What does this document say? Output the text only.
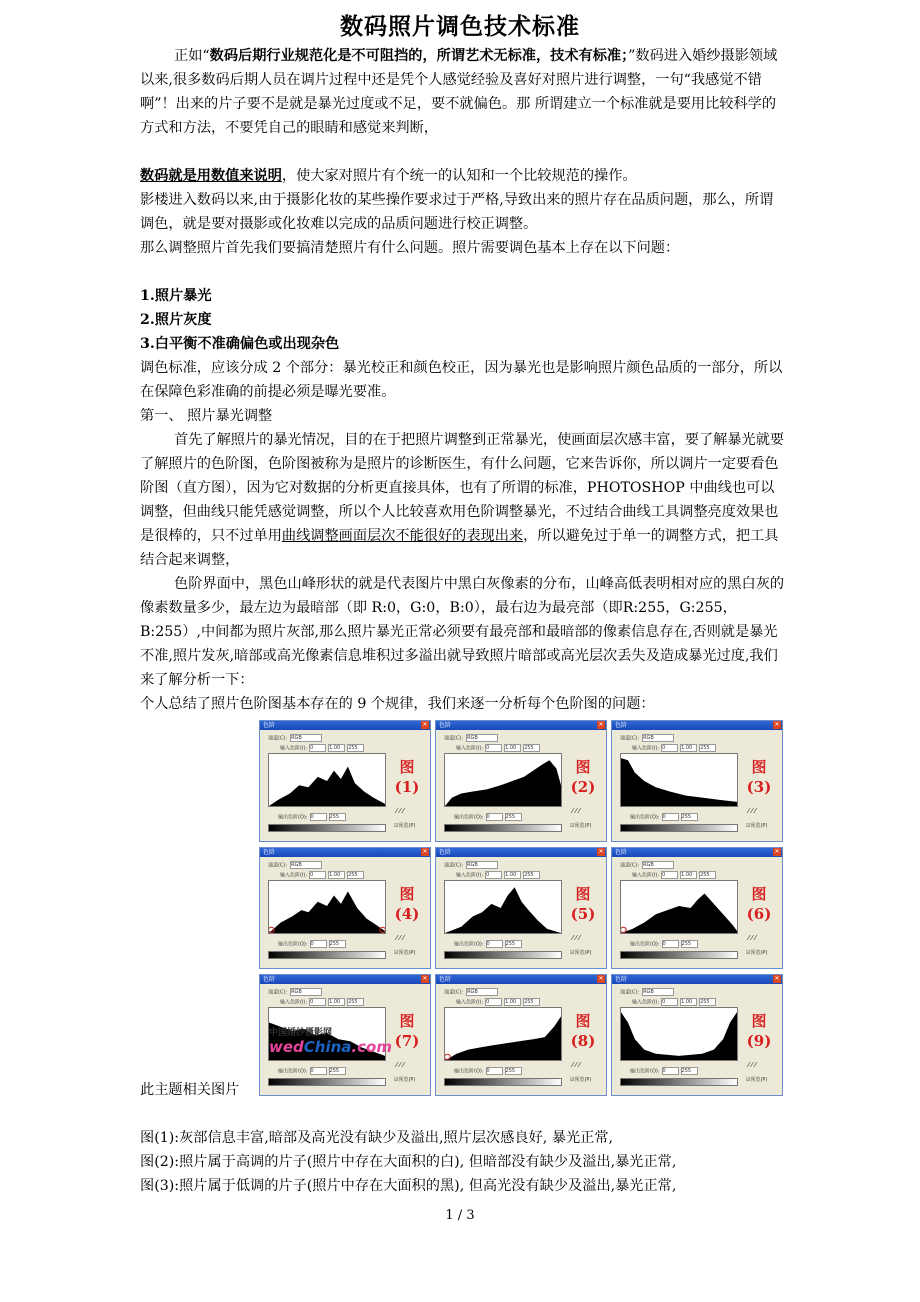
数码照片调色技术标准

正如“数码后期行业规范化是不可阻挡的，所谓艺术无标准，技术有标准；”数码进入婚纱摄影领域以来,很多数码后期人员在调片过程中还是凭个人感觉经验及喜好对照片进行调整，一句“我感觉不错啊”！出来的片子要不是就是暴光过度或不足，要不就偏色。那 所谓建立一个标准就是要用比较科学的方式和方法，不要凭自己的眼睛和感觉来判断，

数码就是用数值来说明，使大家对照片有个统一的认知和一个比较规范的操作。

影楼进入数码以来,由于摄影化妆的某些操作要求过于严格,导致出来的照片存在品质问题，那么，所谓调色，就是要对摄影或化妆难以完成的品质问题进行校正调整。

那么调整照片首先我们要搞清楚照片有什么问题。照片需要调色基本上存在以下问题：

1.照片暴光

2.照片灰度

3.白平衡不准确偏色或出现杂色

调色标准，应该分成 2 个部分：暴光校正和颜色校正，因为暴光也是影响照片颜色品质的一部分，所以在保障色彩准确的前提必须是曝光要准。

第一、 照片暴光调整

首先了解照片的暴光情况，目的在于把照片调整到正常暴光，使画面层次感丰富，要了解暴光就要了解照片的色阶图，色阶图被称为是照片的诊断医生，有什么问题，它来告诉你，所以调片一定要看色阶图（直方图），因为它对数据的分析更直接具体，也有了所谓的标准，PHOTOSHOP 中曲线也可以调整，但曲线只能凭感觉调整，所以个人比较喜欢用色阶调整暴光，不过结合曲线工具调整亮度效果也是很棒的，只不过单用曲线调整画面层次不能很好的表现出来，所以避免过于单一的调整方式，把工具结合起来调整，

色阶界面中，黑色山峰形状的就是代表图片中黑白灰像素的分布，山峰高低表明相对应的黑白灰的像素数量多少，最左边为最暗部（即 R:0，G:0，B:0），最右边为最亮部（即R:255，G:255，B:255）,中间都为照片灰部,那么照片暴光正常必须要有最亮部和最暗部的像素信息存在,否则就是暴光不准,照片发灰,暗部或高光像素信息堆积过多溢出就导致照片暗部或高光层次丢失及造成暴光过度,我们来了解分析一下：

个人总结了照片色阶图基本存在的 9 个规律，我们来逐一分析每个色阶图的问题：

色阶	✕
通道(C): RGB
输入色阶(I): 0	1.00 255
图
(1)
⁄ ⁄ ⁄
输出色阶(O): 0	255
☑预览(P)
色阶	✕
通道(C): RGB
输入色阶(I): 0	1.00 255
图
(2)
⁄ ⁄ ⁄
输出色阶(O): 0	255
☑预览(P)
色阶	✕
通道(C): RGB
输入色阶(I): 0	1.00 255
图
(3)
⁄ ⁄ ⁄
输出色阶(O): 0	255
☑预览(P)
色阶	✕
通道(C): RGB
输入色阶(I): 0	1.00 255
图
(4)
⁄ ⁄ ⁄
输出色阶(O): 0	255
☑预览(P)
色阶	✕
通道(C): RGB
输入色阶(I): 0	1.00 255
图
(5)
⁄ ⁄ ⁄
输出色阶(O): 0	255
☑预览(P)
色阶	✕
通道(C): RGB
输入色阶(I): 0	1.00 255
图
(6)
⁄ ⁄ ⁄
输出色阶(O): 0	255
☑预览(P)
色阶	✕
通道(C): RGB
输入色阶(I): 0	1.00 255
图
(7)
⁄ ⁄ ⁄
输出色阶(O): 0	255
☑预览(P)
色阶	✕
通道(C): RGB
输入色阶(I): 0	1.00 255
图
(8)
⁄ ⁄ ⁄
输出色阶(O): 0	255
☑预览(P)
色阶	✕
通道(C): RGB
输入色阶(I): 0	1.00 255
图
(9)
⁄ ⁄ ⁄
输出色阶(O): 0	255
☑预览(P)
中国婚纱摄影网
wedChina.com
此主题相关图片

图(1):灰部信息丰富,暗部及高光没有缺少及溢出,照片层次感良好, 暴光正常,

图(2):照片属于高调的片子(照片中存在大面积的白), 但暗部没有缺少及溢出,暴光正常,

图(3):照片属于低调的片子(照片中存在大面积的黑), 但高光没有缺少及溢出,暴光正常,

1 / 3
